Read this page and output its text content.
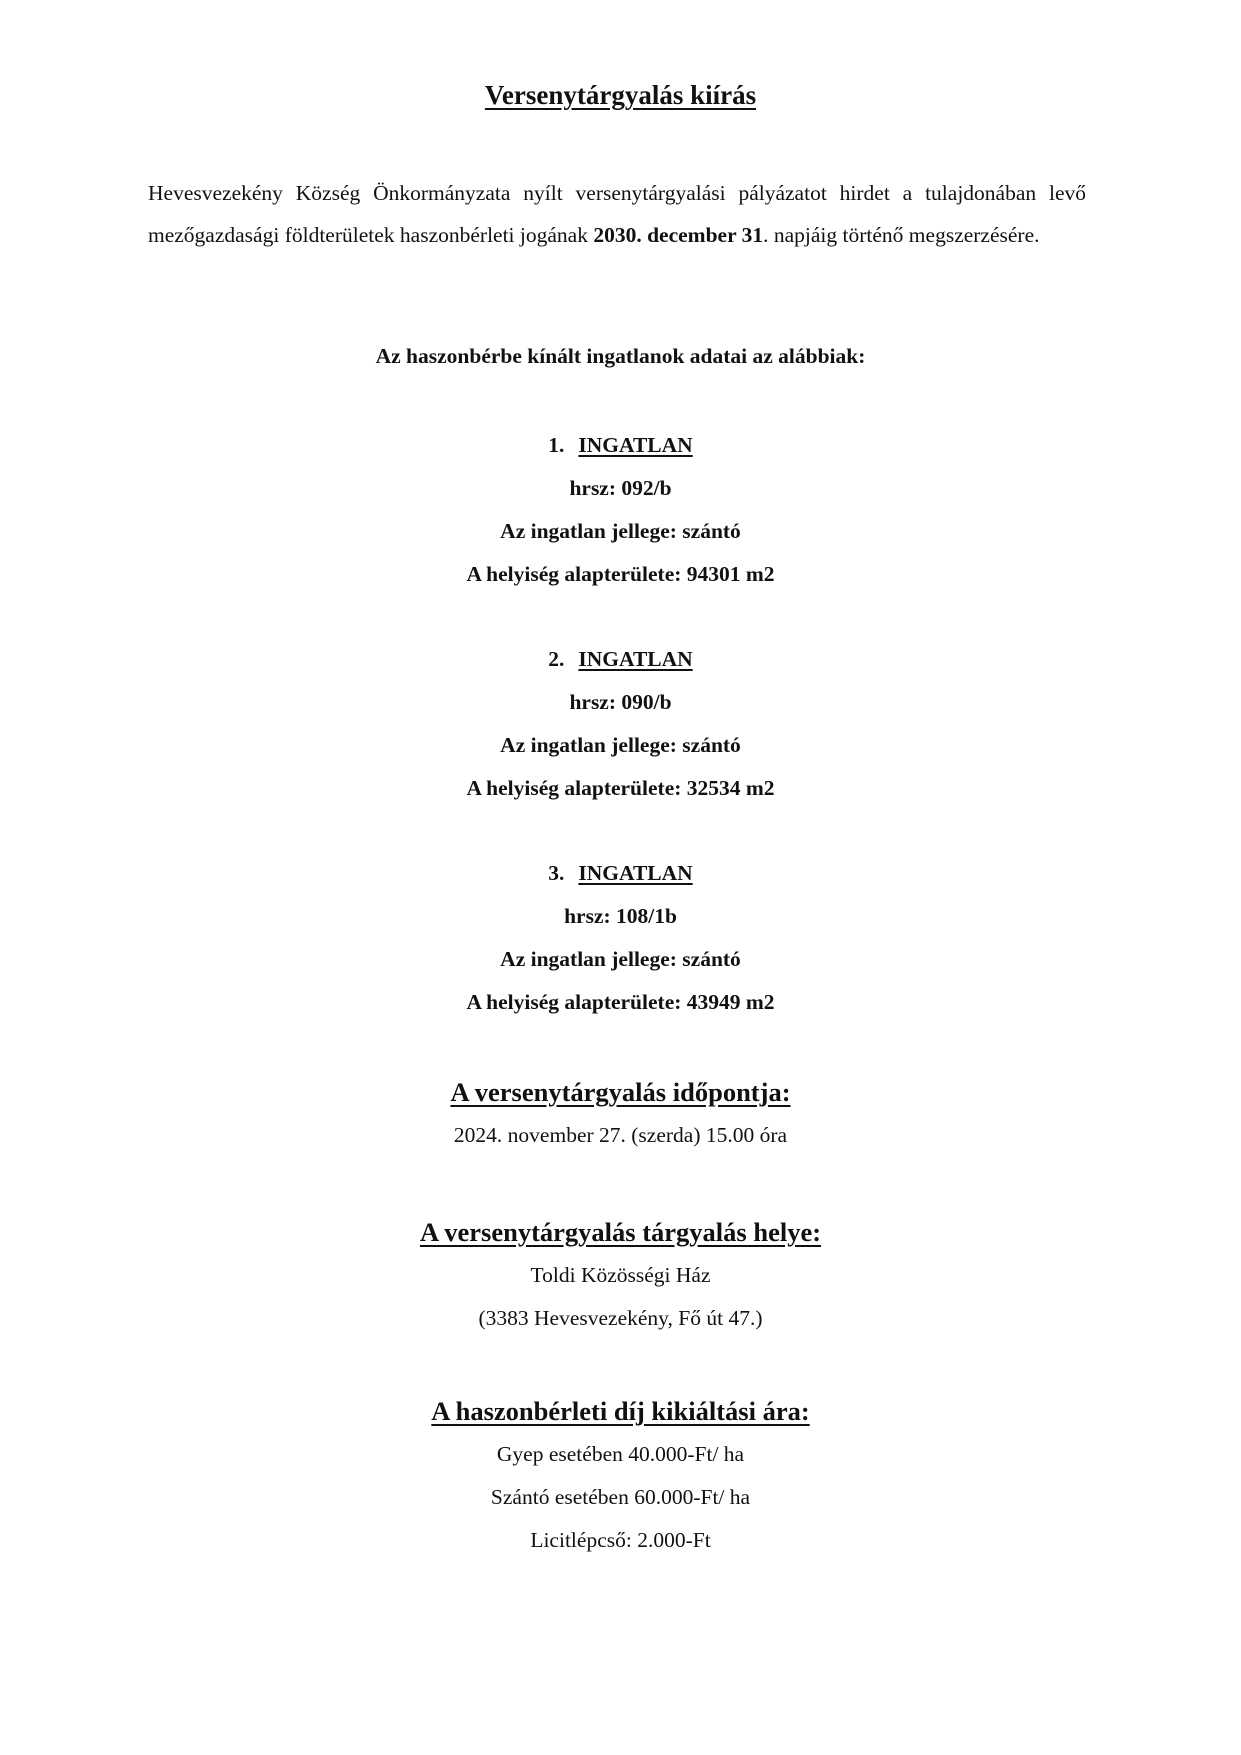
Versenytárgyalás kiírás

Hevesvezekény Község Önkormányzata nyílt versenytárgyalási pályázatot hirdet a tulajdonában levő mezőgazdasági földterületek haszonbérleti jogának 2030. december 31. napjáig történő megszerzésére.

Az haszonbérbe kínált ingatlanok adatai az alábbiak:
1. INGATLAN
hrsz: 092/b
Az ingatlan jellege: szántó
A helyiség alapterülete: 94301 m2
2. INGATLAN
hrsz: 090/b
Az ingatlan jellege: szántó
A helyiség alapterülete: 32534 m2
3. INGATLAN
hrsz: 108/1b
Az ingatlan jellege: szántó
A helyiség alapterülete: 43949 m2
A versenytárgyalás időpontja:
2024. november 27. (szerda) 15.00 óra
A versenytárgyalás tárgyalás helye:
Toldi Közösségi Ház
(3383 Hevesvezekény, Fő út 47.)
A haszonbérleti díj kikiáltási ára:
Gyep esetében 40.000-Ft/ ha
Szántó esetében 60.000-Ft/ ha
Licitlépcső: 2.000-Ft
